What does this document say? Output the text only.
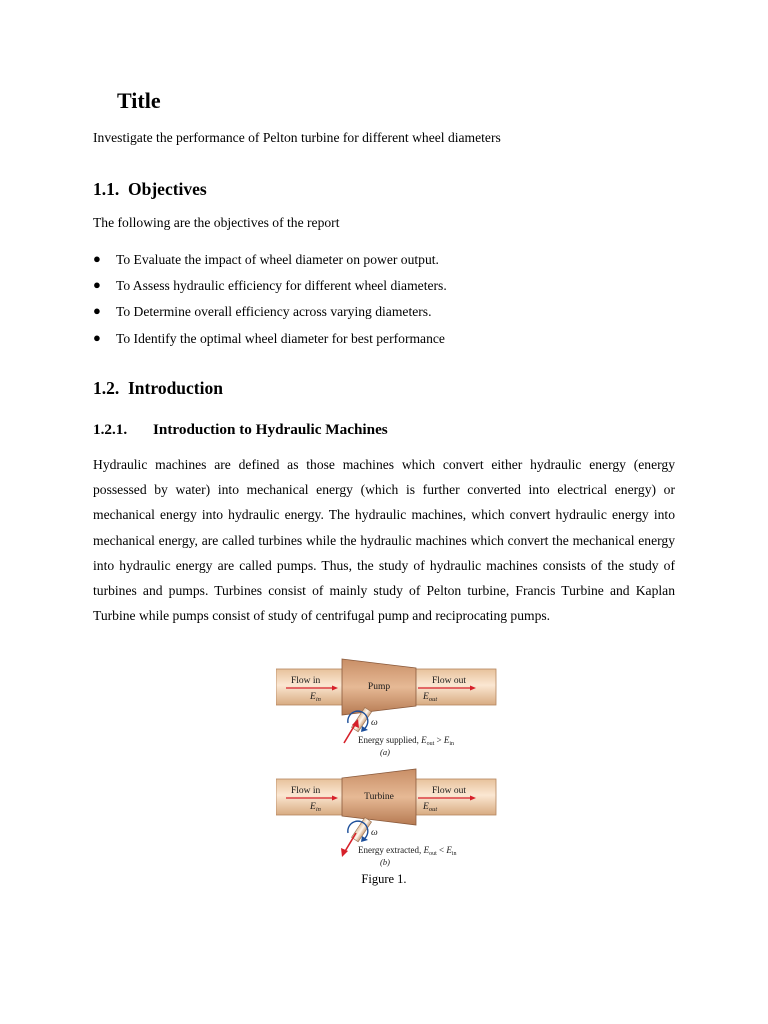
Title
Investigate the performance of Pelton turbine for different wheel diameters
1.1. Objectives
The following are the objectives of the report
● To Evaluate the impact of wheel diameter on power output.
● To Assess hydraulic efficiency for different wheel diameters.
● To Determine overall efficiency across varying diameters.
● To Identify the optimal wheel diameter for best performance
1.2. Introduction
1.2.1. Introduction to Hydraulic Machines
Hydraulic machines are defined as those machines which convert either hydraulic energy (energy possessed by water) into mechanical energy (which is further converted into electrical energy) or mechanical energy into hydraulic energy. The hydraulic machines, which convert hydraulic energy into mechanical energy, are called turbines while the hydraulic machines which convert the mechanical energy into hydraulic energy are called pumps. Thus, the study of hydraulic machines consists of the study of turbines and pumps. Turbines consist of mainly study of Pelton turbine, Francis Turbine and Kaplan Turbine while pumps consist of study of centrifugal pump and reciprocating pumps.
Flow in
$E_{in}$
Pump
Flow out
$E_{out}$
ω
Energy supplied, $E_{out} > E_{in}$
(a)
Flow in
$E_{in}$
Turbine
Flow out
$E_{out}$
ω
Energy extracted, $E_{out} < E_{in}$
(b)
Figure 1.
